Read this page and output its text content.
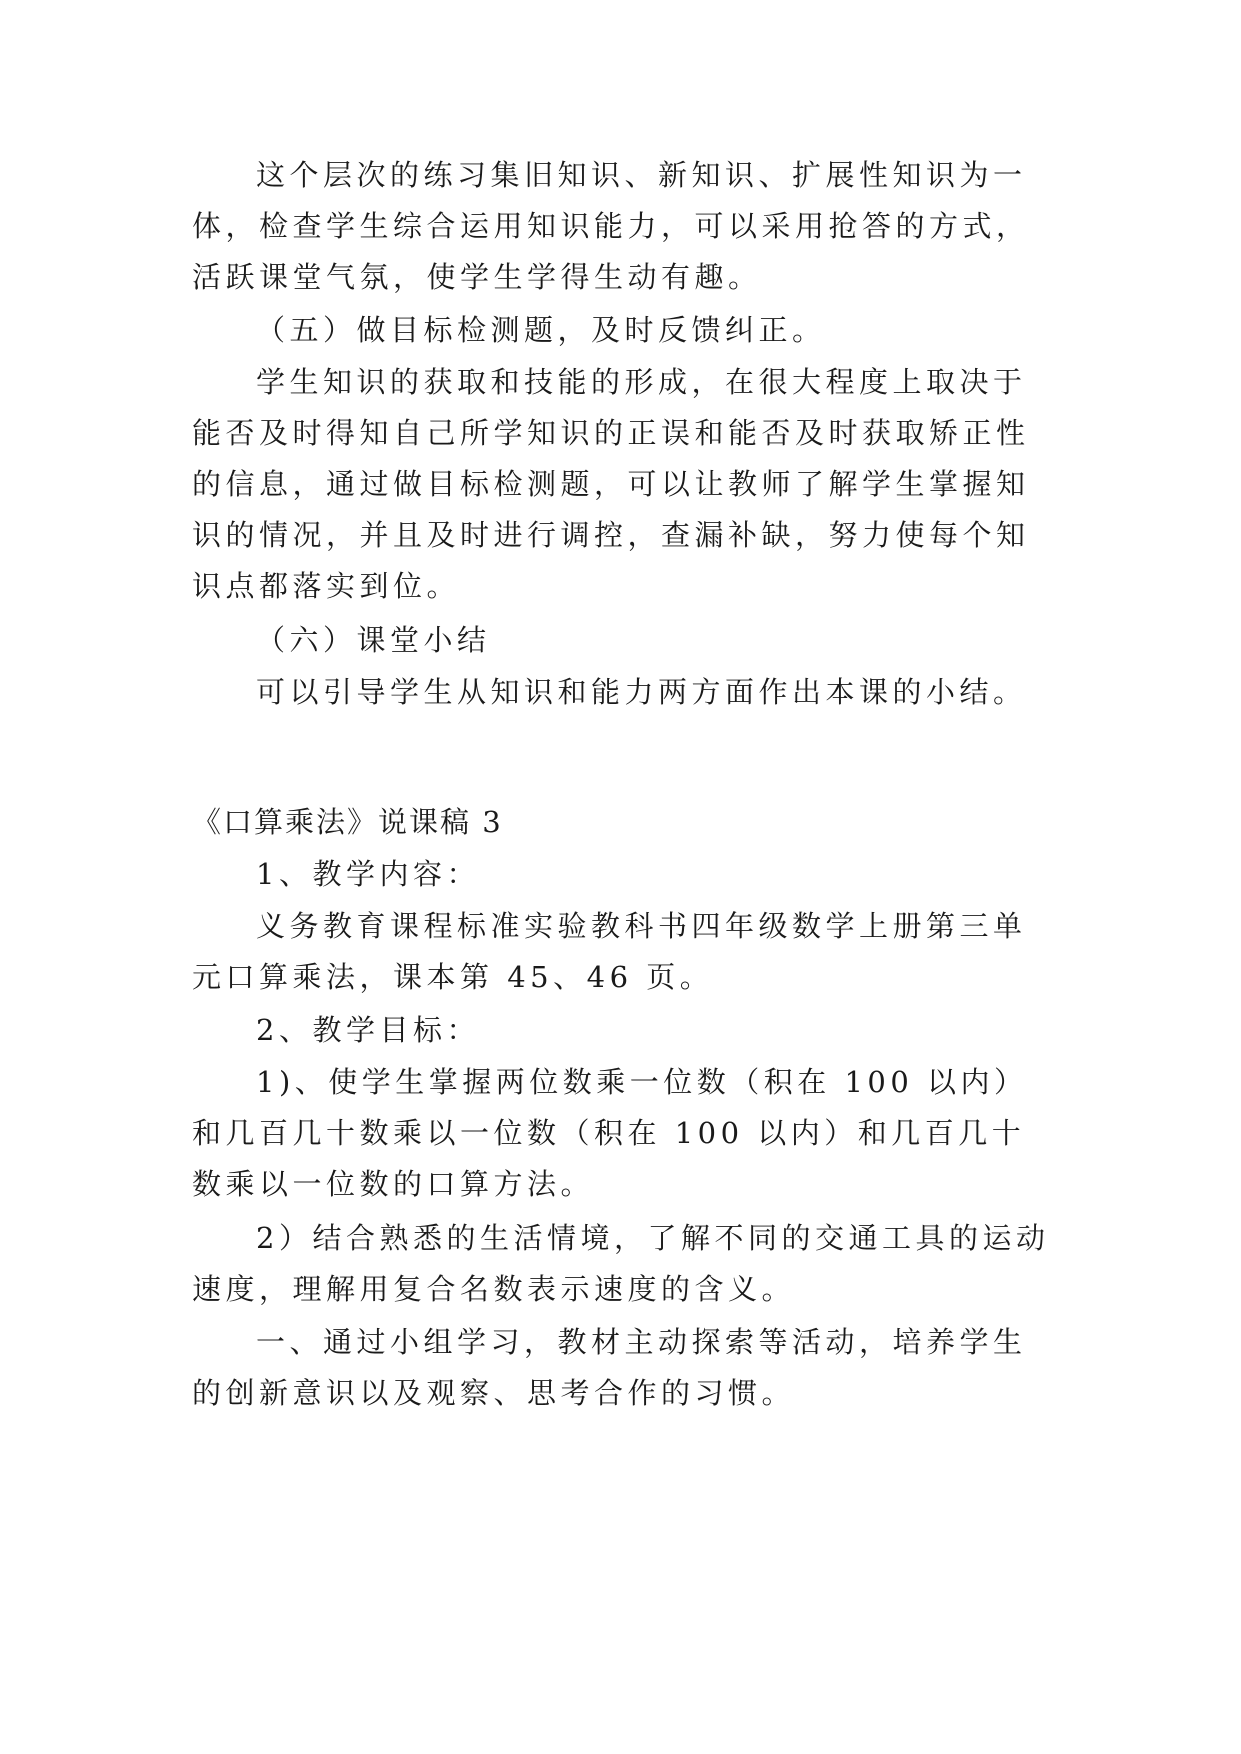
这个层次的练习集旧知识、新知识、扩展性知识为一体，检查学生综合运用知识能力，可以采用抢答的方式，活跃课堂气氛，使学生学得生动有趣。

（五）做目标检测题，及时反馈纠正。

学生知识的获取和技能的形成，在很大程度上取决于能否及时得知自己所学知识的正误和能否及时获取矫正性的信息，通过做目标检测题，可以让教师了解学生掌握知识的情况，并且及时进行调控，查漏补缺，努力使每个知识点都落实到位。

（六）课堂小结

可以引导学生从知识和能力两方面作出本课的小结。

《口算乘法》说课稿 3

1、教学内容：

义务教育课程标准实验教科书四年级数学上册第三单元口算乘法，课本第 45、46 页。

2、教学目标：

1)、使学生掌握两位数乘一位数（积在 100 以内）和几百几十数乘以一位数（积在 100 以内）和几百几十数乘以一位数的口算方法。

2）结合熟悉的生活情境，了解不同的交通工具的运动速度，理解用复合名数表示速度的含义。

一、通过小组学习，教材主动探索等活动，培养学生的创新意识以及观察、思考合作的习惯。
